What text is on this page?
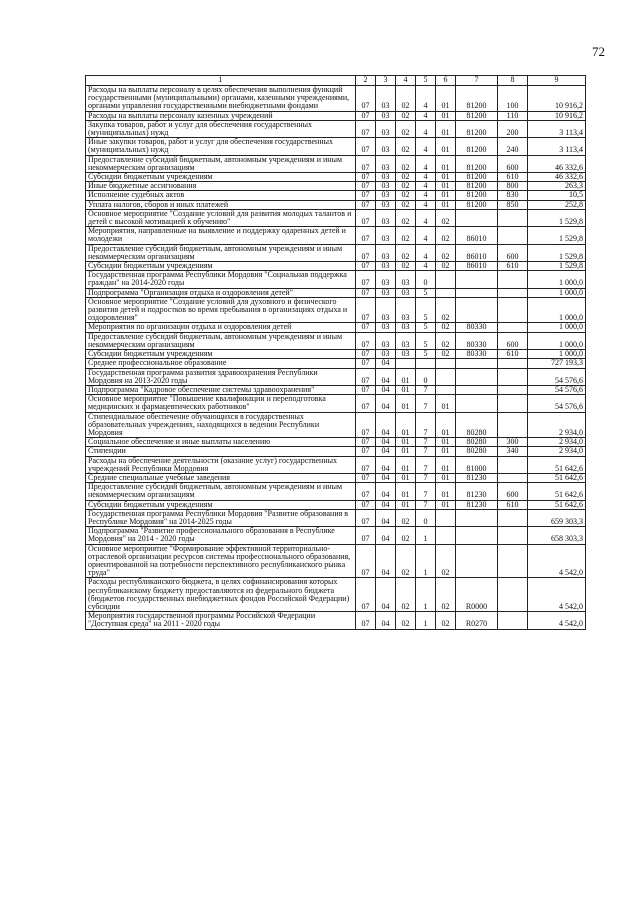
72
1	2	3	4	5	6	7	8	9
Расходы на выплаты персоналу в целях обеспечения выполнения функций государственными (муниципальными) органами, казенными учреждениями, органами управления государственными внебюджетными фондами	07	03	02	4	01	81200	100	10 916,2
Расходы на выплаты персоналу казенных учреждений	07	03	02	4	01	81200	110	10 916,2
Закупка товаров, работ и услуг для обеспечения государственных (муниципальных) нужд	07	03	02	4	01	81200	200	3 113,4
Иные закупки товаров, работ и услуг для обеспечения государственных (муниципальных) нужд	07	03	02	4	01	81200	240	3 113,4
Предоставление субсидий бюджетным, автономным учреждениям и иным некоммерческим организациям	07	03	02	4	01	81200	600	46 332,6
Субсидии бюджетным учреждениям	07	03	02	4	01	81200	610	46 332,6
Иные бюджетные ассигнования	07	03	02	4	01	81200	800	263,3
Исполнение судебных актов	07	03	02	4	01	81200	830	10,5
Уплата налогов, сборов и иных платежей	07	03	02	4	01	81200	850	252,8
Основное мероприятие "Создание условий для развития молодых талантов и детей с высокой мотивацией к обучению"	07	03	02	4	02			1 529,8
Мероприятия, направленные на выявление и поддержку одаренных детей и молодежи	07	03	02	4	02	86010		1 529,8
Предоставление субсидий бюджетным, автономным учреждениям и иным некоммерческим организациям	07	03	02	4	02	86010	600	1 529,8
Субсидии бюджетным учреждениям	07	03	02	4	02	86010	610	1 529,8
Государственная программа Республики Мордовия "Социальная поддержка граждан" на 2014-2020 годы	07	03	03	0				1 000,0
Подпрограмма "Организация отдыха и оздоровления детей"	07	03	03	5				1 000,0
Основное мероприятие "Создание условий для духовного и физического развития детей и подростков во время пребывания в организациях отдыха и оздоровления"	07	03	03	5	02			1 000,0
Мероприятия по организации отдыха и оздоровления детей	07	03	03	5	02	80330		1 000,0
Предоставление субсидий бюджетным, автономным учреждениям и иным некоммерческим организациям	07	03	03	5	02	80330	600	1 000,0
Субсидии бюджетным учреждениям	07	03	03	5	02	80330	610	1 000,0
Среднее профессиональное образование	07	04						727 193,3
Государственная программа развития здравоохранения Республики Мордовия на 2013-2020 годы	07	04	01	0				54 576,6
Подпрограмма "Кадровое обеспечение системы здравоохранения"	07	04	01	7				54 576,6
Основное мероприятие "Повышение квалификации и переподготовка медицинских и фармацевтических работников"	07	04	01	7	01			54 576,6
Стипендиальное обеспечение обучающихся в государственных образовательных учреждениях, находящихся в ведении Республики Мордовия	07	04	01	7	01	80280		2 934,0
Социальное обеспечение и иные выплаты населению	07	04	01	7	01	80280	300	2 934,0
Стипендии	07	04	01	7	01	80280	340	2 934,0
Расходы на обеспечение деятельности (оказание услуг) государственных учреждений Республики Мордовия	07	04	01	7	01	81000		51 642,6
Средние специальные учебные заведения	07	04	01	7	01	81230		51 642,6
Предоставление субсидий бюджетным, автономным учреждениям и иным некоммерческим организациям	07	04	01	7	01	81230	600	51 642,6
Субсидии бюджетным учреждениям	07	04	01	7	01	81230	610	51 642,6
Государственная программа Республики Мордовия "Развитие образования в Республике Мордовия" на 2014-2025 годы	07	04	02	0				659 303,3
Подпрограмма "Развитие профессионального образования в Республике Мордовия" на 2014 - 2020 годы	07	04	02	1				658 303,3
Основное мероприятие "Формирование эффективной территориально-отраслевой организации ресурсов системы профессионального образования, ориентированной на потребности перспективного республиканского рынка труда"	07	04	02	1	02			4 542,0
Расходы республиканского бюджета, в целях софинансирования которых республиканскому бюджету предоставляются из федерального бюджета (бюджетов государственных внебюджетных фондов Российской Федерации) субсидии	07	04	02	1	02	R0000		4 542,0
Мероприятия государственной программы Российской Федерации "Доступная среда" на 2011 - 2020 годы	07	04	02	1	02	R0270		4 542,0
